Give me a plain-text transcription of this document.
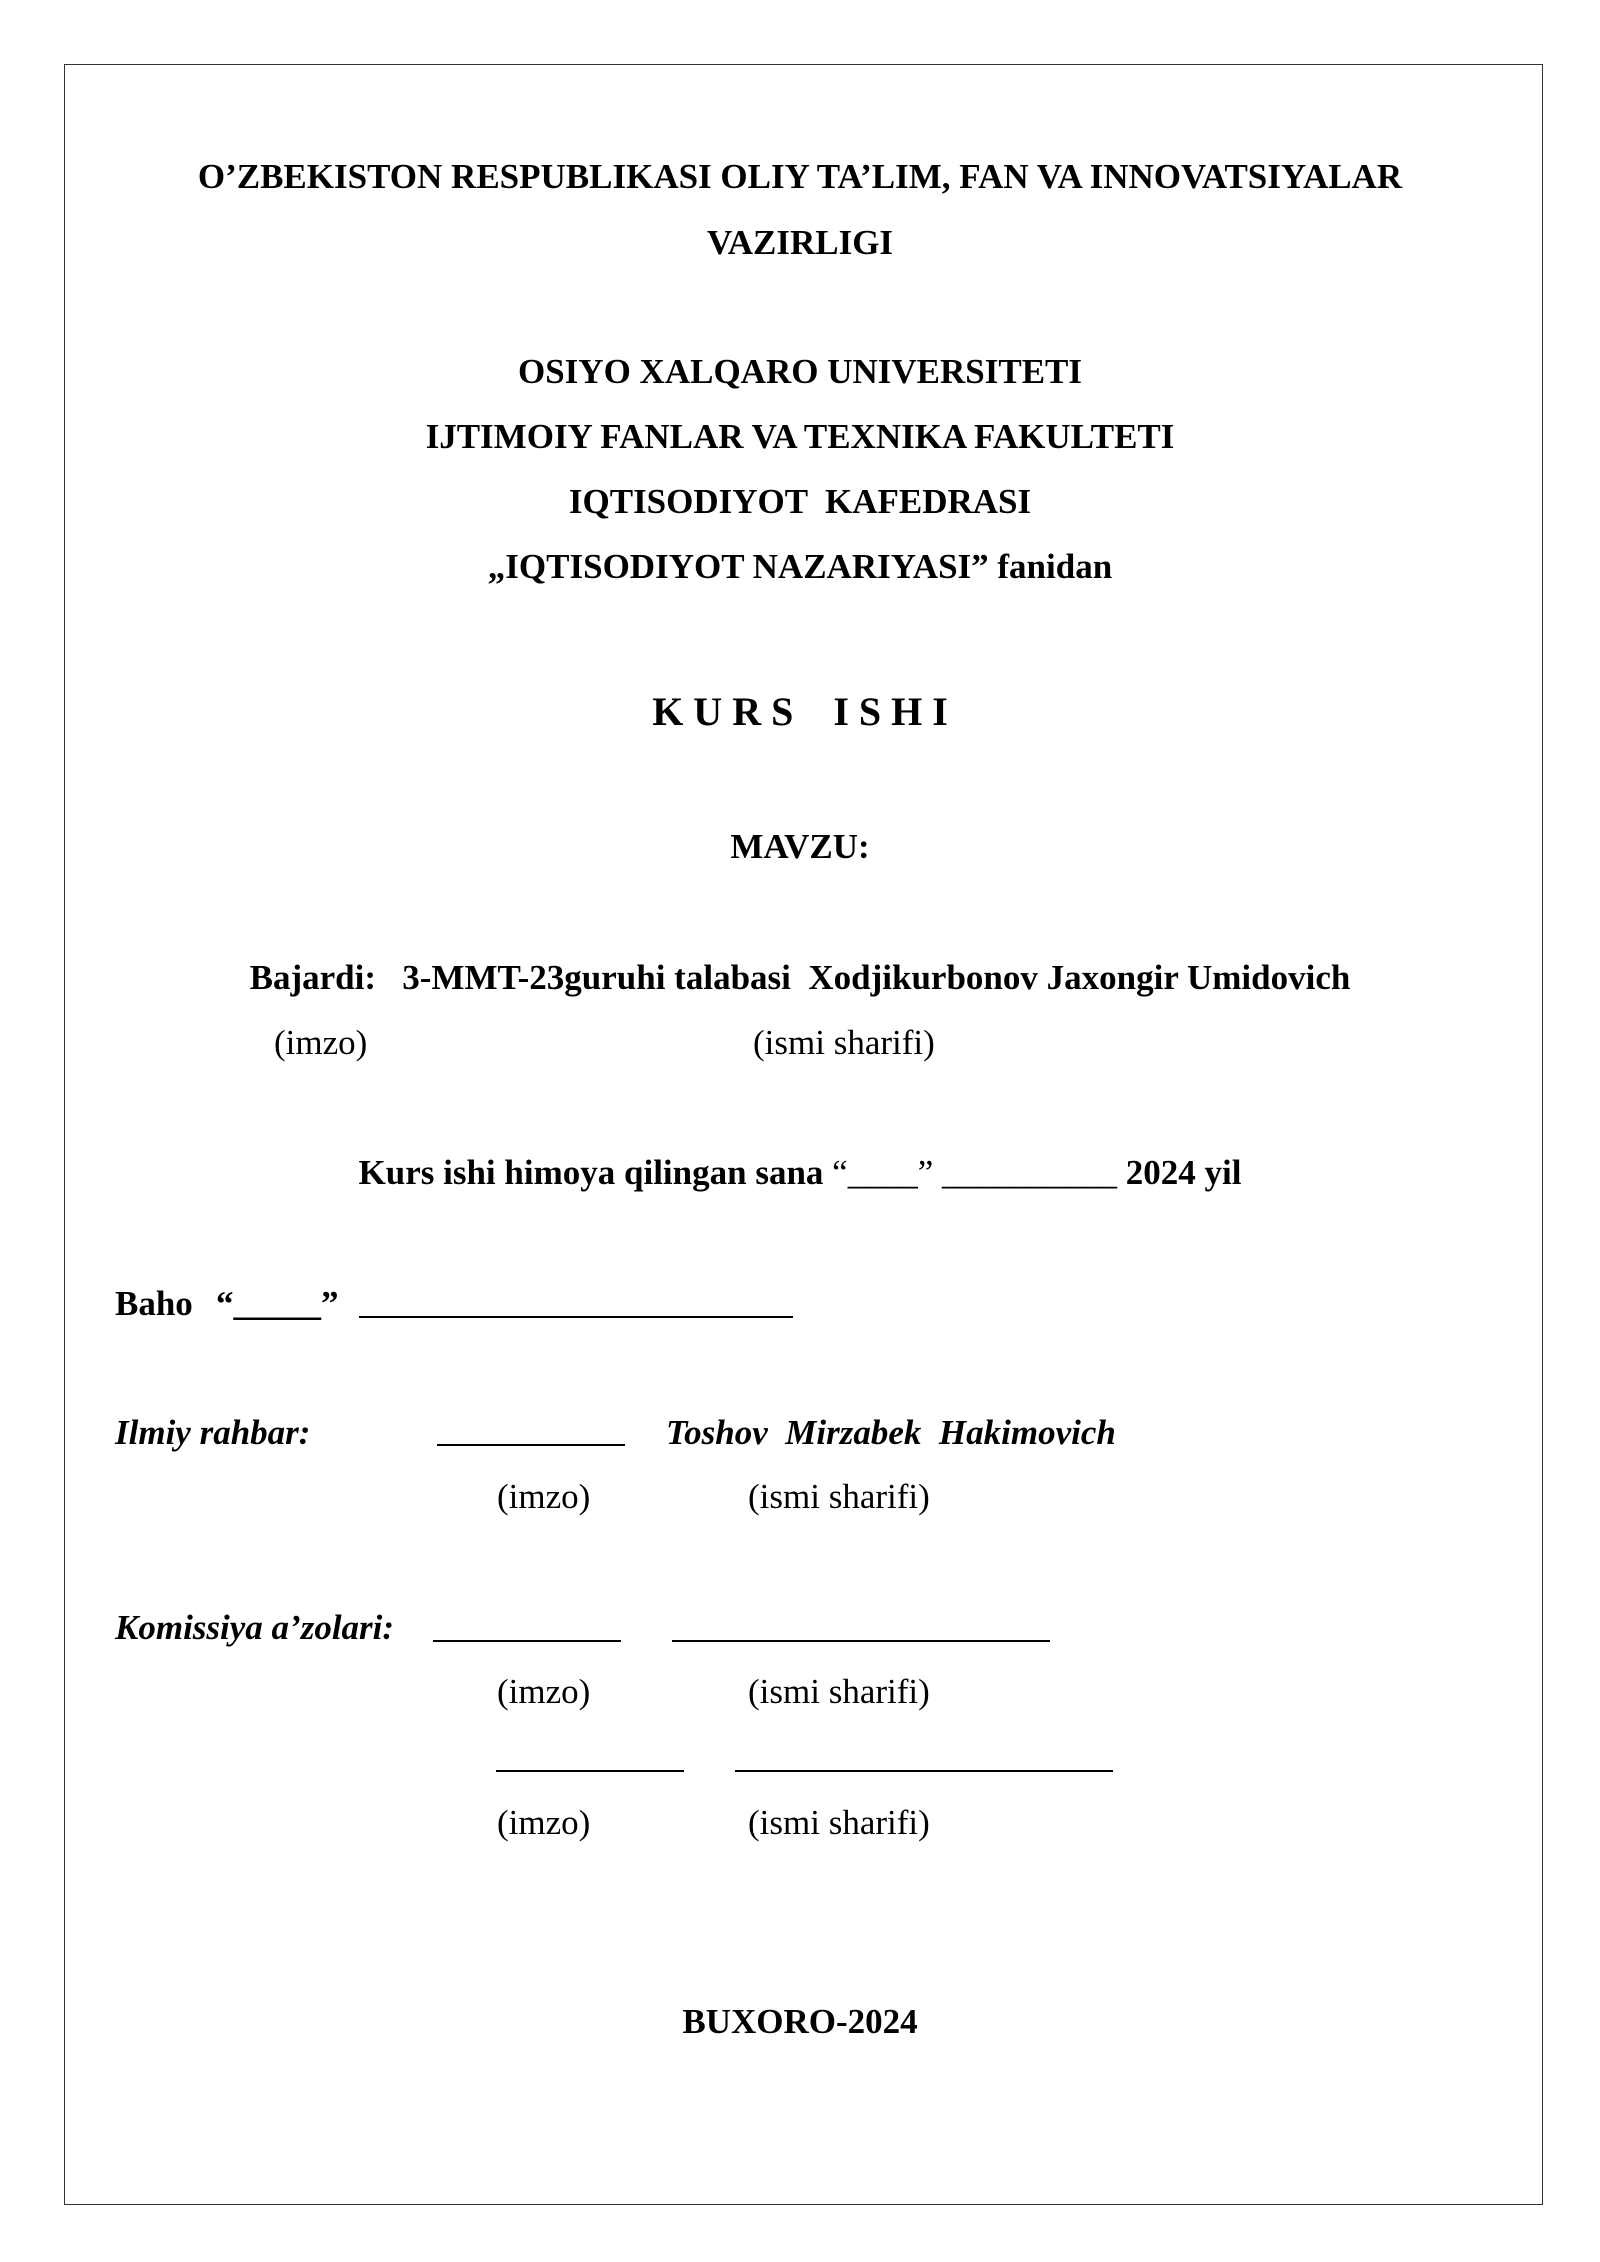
O’ZBEKISTON RESPUBLIKASI OLIY TA’LIM, FAN VA INNOVATSIYALAR
VAZIRLIGI
OSIYO XALQARO UNIVERSITETI
IJTIMOIY FANLAR VA TEXNIKA FAKULTETI
IQTISODIYOT  KAFEDRASI
„IQTISODIYOT NAZARIYASI” fanidan
K U R S    I S H I
MAVZU:
Bajardi:   3-MMT-23guruhi talabasi  Xodjikurbonov Jaxongir Umidovich
(imzo)	(ismi sharifi)
Kurs ishi himoya qilingan sana “____” __________ 2024 yil
Baho “_____”
Ilmiy rahbar:	Toshov  Mirzabek  Hakimovich
(imzo)	(ismi sharifi)
Komissiya a’zolari:
(imzo)	(ismi sharifi)
(imzo)	(ismi sharifi)
BUXORO-2024
